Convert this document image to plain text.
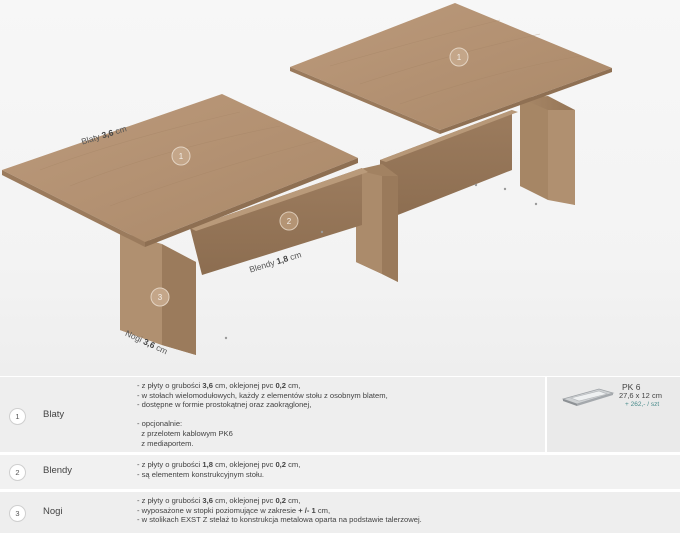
1
1
2
3
Blaty 3,6 cm
Blendy 1,8 cm
Nogi 3,6 cm
1	Blaty
- z płyty o grubości 3,6 cm, oklejonej pvc 0,2 cm,
- w stołach wielomodułowych, każdy z elementów stołu z osobnym blatem,
- dostępne w formie prostokątnej oraz zaokrąglonej,

- opcjonalnie:
z przelotem kablowym PK6
z mediaportem.
PK 6
27,6 x 12 cm
+ 262,- / szt
2	Blendy
- z płyty o grubości 1,8 cm, oklejonej pvc 0,2 cm,
- są elementem konstrukcyjnym stołu.
3	Nogi
- z płyty o grubości 3,6 cm, oklejonej pvc 0,2 cm,
- wyposażone w stopki poziomujące w zakresie + /- 1 cm,
- w stolikach EXST Z stelaż to konstrukcja metalowa oparta na podstawie talerzowej.
